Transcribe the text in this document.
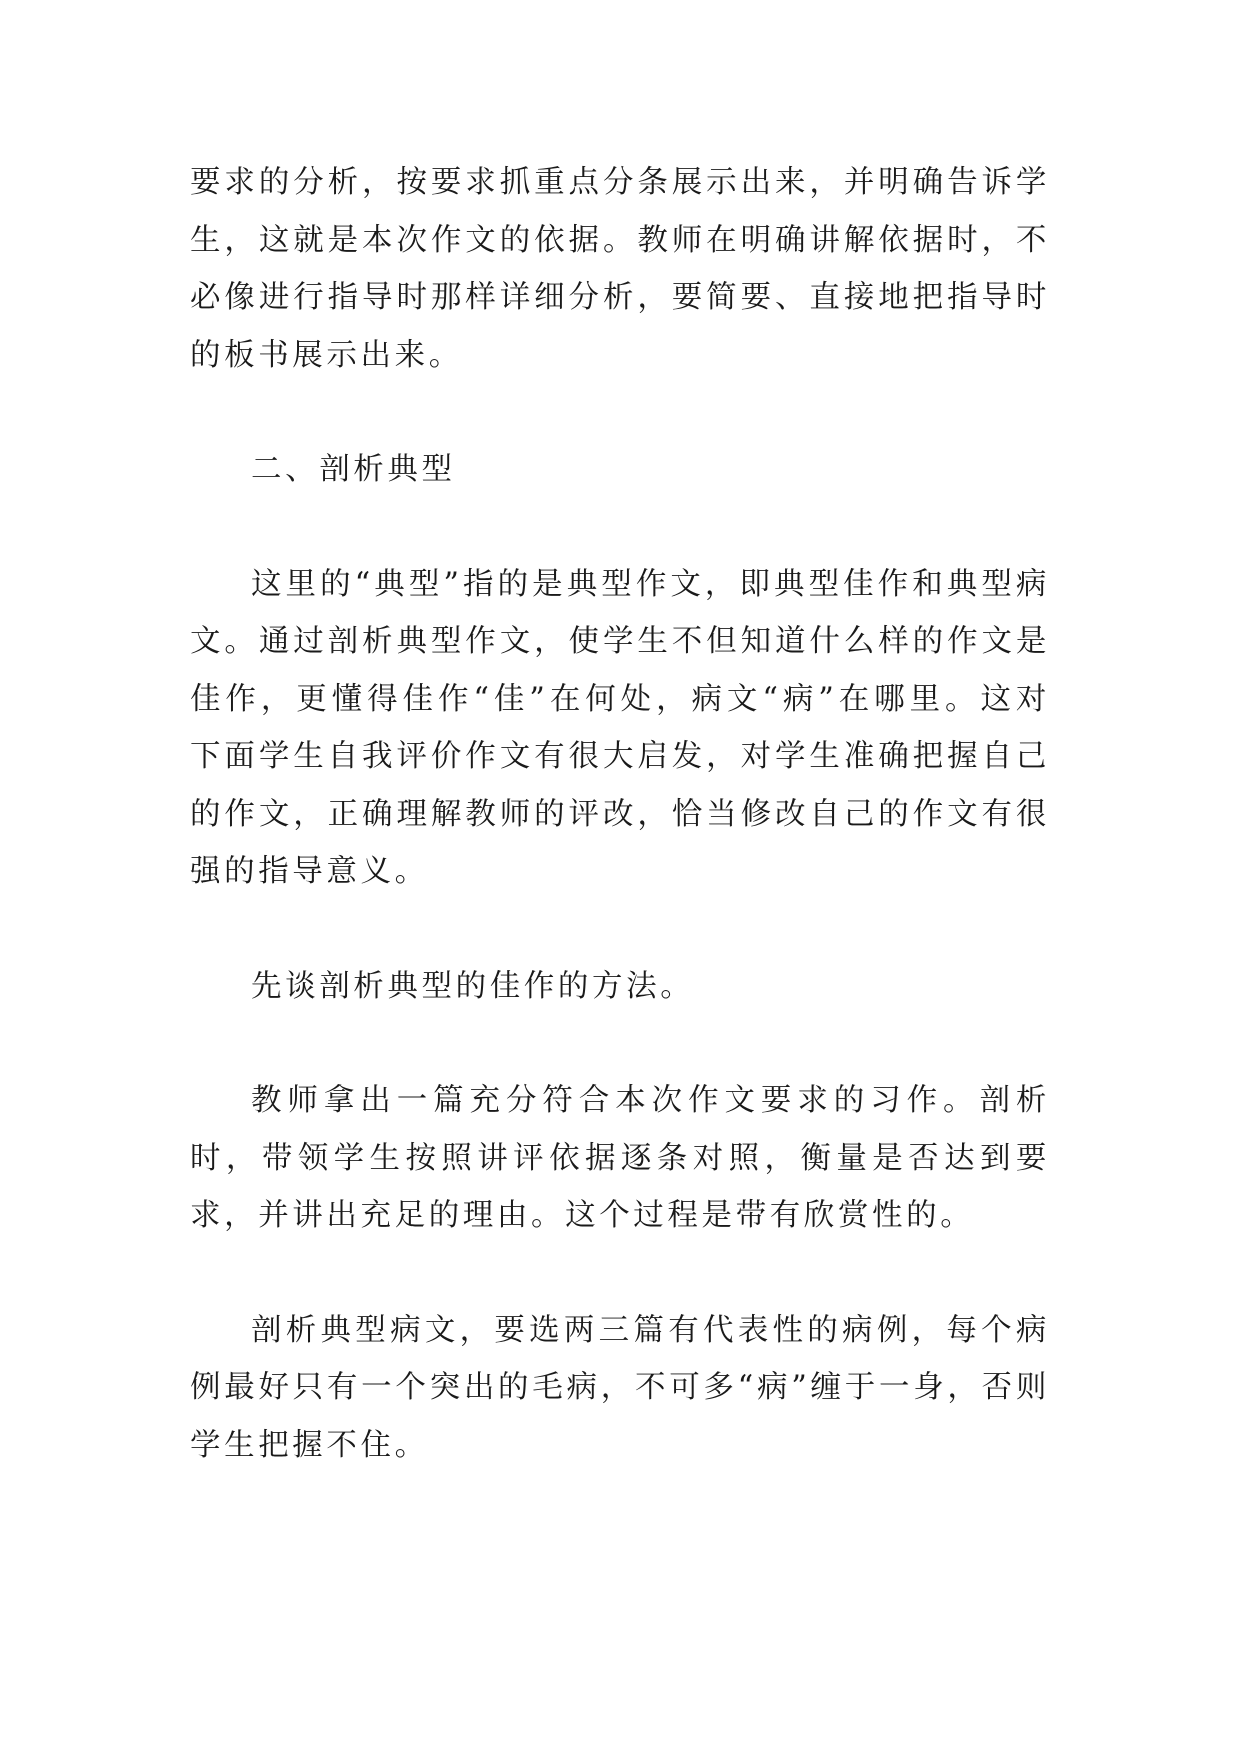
要求的分析，按要求抓重点分条展示出来，并明确告诉学生，这就是本次作文的依据。教师在明确讲解依据时，不必像进行指导时那样详细分析，要简要、直接地把指导时的板书展示出来。

二、剖析典型

这里的“典型”指的是典型作文，即典型佳作和典型病文。通过剖析典型作文，使学生不但知道什么样的作文是佳作，更懂得佳作“佳”在何处，病文“病”在哪里。这对下面学生自我评价作文有很大启发，对学生准确把握自己的作文，正确理解教师的评改，恰当修改自己的作文有很强的指导意义。

先谈剖析典型的佳作的方法。

教师拿出一篇充分符合本次作文要求的习作。剖析时，带领学生按照讲评依据逐条对照，衡量是否达到要求，并讲出充足的理由。这个过程是带有欣赏性的。

剖析典型病文，要选两三篇有代表性的病例，每个病例最好只有一个突出的毛病，不可多“病”缠于一身，否则学生把握不住。
